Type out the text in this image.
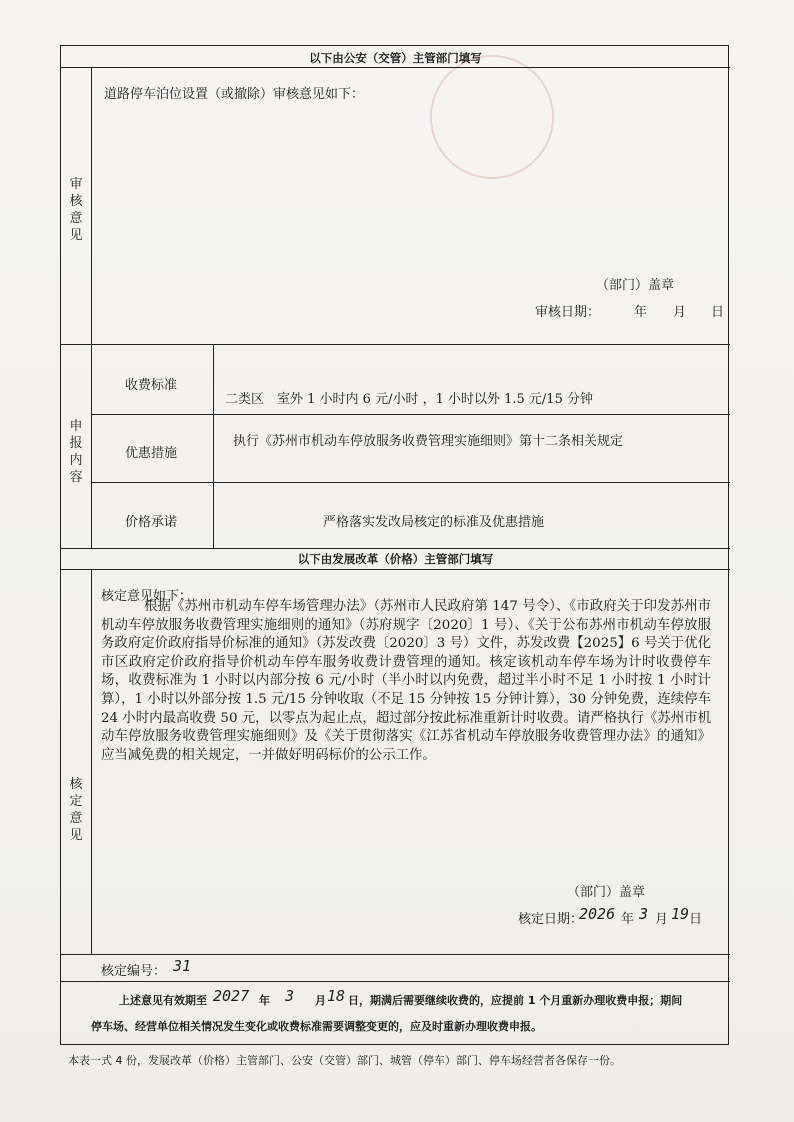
以下由公安（交管）主管部门填写
审核意见
道路停车泊位设置（或撤除）审核意见如下：
（部门）盖章
审核日期：	年 月 日
申报内容
收费标准
二类区　室外 1 小时内 6 元/小时 ，1 小时以外 1.5 元/15 分钟
优惠措施
执行《苏州市机动车停放服务收费管理实施细则》第十二条相关规定
价格承诺	严格落实发改局核定的标准及优惠措施
以下由发展改革（价格）主管部门填写
核定意见
核定意见如下：
根据《苏州市机动车停车场管理办法》（苏州市人民政府第 147 号令）、《市政府关于印发苏州市机动车停放服务收费管理实施细则的通知》（苏府规字〔2020〕1 号）、《关于公布苏州市机动车停放服务政府定价政府指导价标准的通知》（苏发改费〔2020〕3 号）文件，苏发改费【2025】6 号关于优化市区政府定价政府指导价机动车停车服务收费计费管理的通知。核定该机动车停车场为计时收费停车场，收费标准为 1 小时以内部分按 6 元/小时（半小时以内免费，超过半小时不足 1 小时按 1 小时计算），1 小时以外部分按 1.5 元/15 分钟收取（不足 15 分钟按 15 分钟计算），30 分钟免费，连续停车 24 小时内最高收费 50 元，以零点为起止点，超过部分按此标准重新计时收费。请严格执行《苏州市机动车停放服务收费管理实施细则》及《关于贯彻落实《江苏省机动车停放服务收费管理办法》的通知》应当减免费的相关规定，一并做好明码标价的公示工作。
（部门）盖章
核定日期：
2026 年 3 月 19 日
核定编号： 31
上述意见有效期至 2027 年 3 月 18 日，期满后需要继续收费的，应提前 1 个月重新办理收费申报；期间
停车场、经营单位相关情况发生变化或收费标准需要调整变更的，应及时重新办理收费申报。
本表一式 4 份，发展改革（价格）主管部门、公安（交管）部门、城管（停车）部门、停车场经营者各保存一份。
